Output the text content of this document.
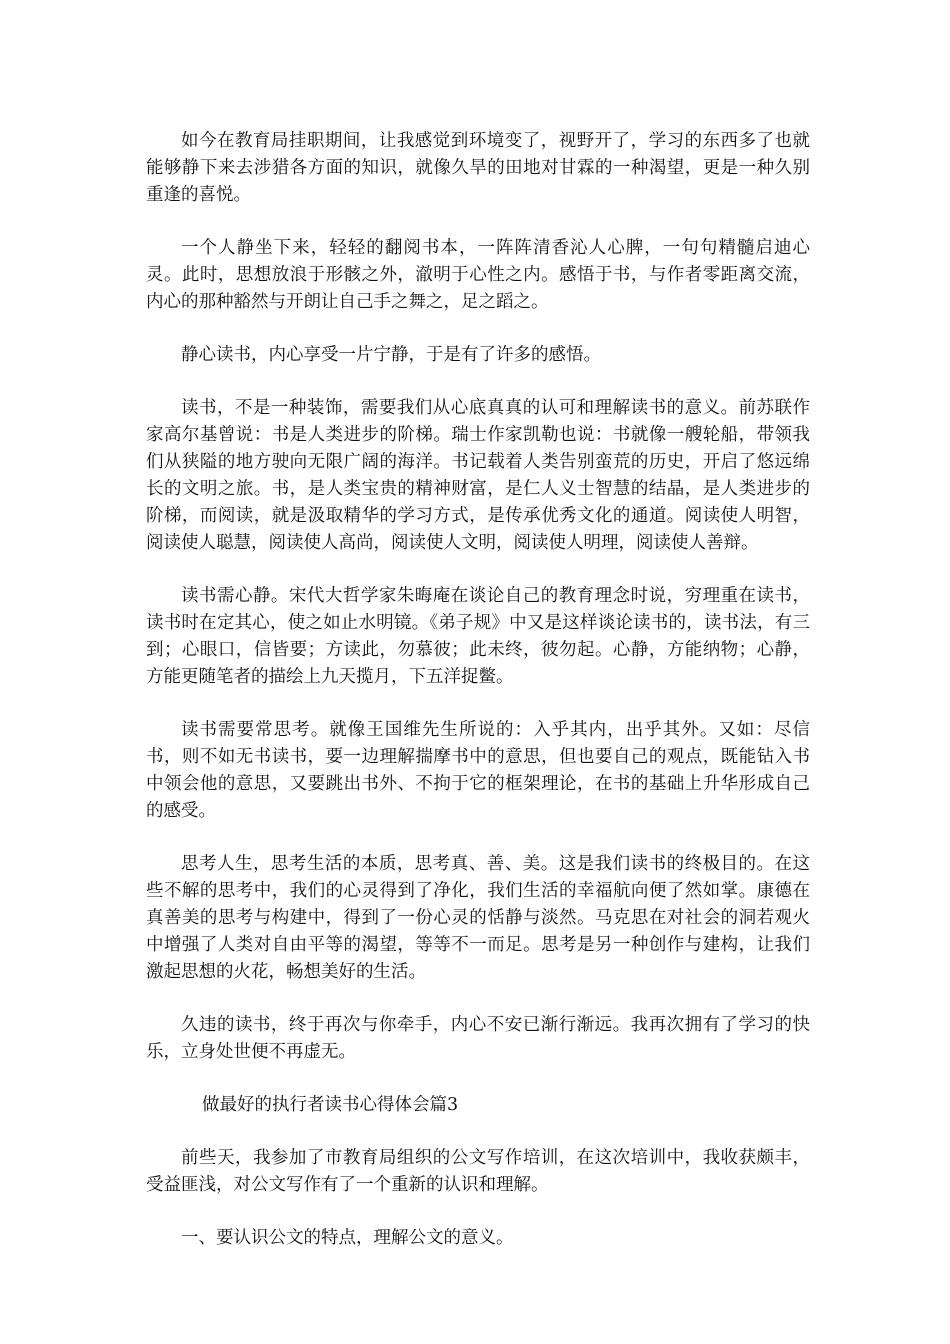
如今在教育局挂职期间，让我感觉到环境变了，视野开了，学习的东西多了也就能够静下来去涉猎各方面的知识，就像久旱的田地对甘霖的一种渴望，更是一种久别重逢的喜悦。

一个人静坐下来，轻轻的翻阅书本，一阵阵清香沁人心脾，一句句精髓启迪心灵。此时，思想放浪于形骸之外，澈明于心性之内。感悟于书，与作者零距离交流，内心的那种豁然与开朗让自己手之舞之，足之蹈之。

静心读书，内心享受一片宁静，于是有了许多的感悟。

读书，不是一种装饰，需要我们从心底真真的认可和理解读书的意义。前苏联作家高尔基曾说：书是人类进步的阶梯。瑞士作家凯勒也说：书就像一艘轮船，带领我们从狭隘的地方驶向无限广阔的海洋。书记载着人类告别蛮荒的历史，开启了悠远绵长的文明之旅。书，是人类宝贵的精神财富，是仁人义士智慧的结晶，是人类进步的阶梯，而阅读，就是汲取精华的学习方式，是传承优秀文化的通道。阅读使人明智，阅读使人聪慧，阅读使人高尚，阅读使人文明，阅读使人明理，阅读使人善辩。

读书需心静。宋代大哲学家朱晦庵在谈论自己的教育理念时说，穷理重在读书，读书时在定其心，使之如止水明镜。《弟子规》中又是这样谈论读书的，读书法，有三到；心眼口，信皆要；方读此，勿慕彼；此未终，彼勿起。心静，方能纳物；心静，方能更随笔者的描绘上九天揽月，下五洋捉鳖。

读书需要常思考。就像王国维先生所说的：入乎其内，出乎其外。又如：尽信书，则不如无书读书，要一边理解揣摩书中的意思，但也要自己的观点，既能钻入书中领会他的意思，又要跳出书外、不拘于它的框架理论，在书的基础上升华形成自己的感受。

思考人生，思考生活的本质，思考真、善、美。这是我们读书的终极目的。在这些不解的思考中，我们的心灵得到了净化，我们生活的幸福航向便了然如掌。康德在真善美的思考与构建中，得到了一份心灵的恬静与淡然。马克思在对社会的洞若观火中增强了人类对自由平等的渴望，等等不一而足。思考是另一种创作与建构，让我们激起思想的火花，畅想美好的生活。

久违的读书，终于再次与你牵手，内心不安已渐行渐远。我再次拥有了学习的快乐，立身处世便不再虚无。

做最好的执行者读书心得体会篇3

前些天，我参加了市教育局组织的公文写作培训，在这次培训中，我收获颇丰，受益匪浅，对公文写作有了一个重新的认识和理解。

一、要认识公文的特点，理解公文的意义。
